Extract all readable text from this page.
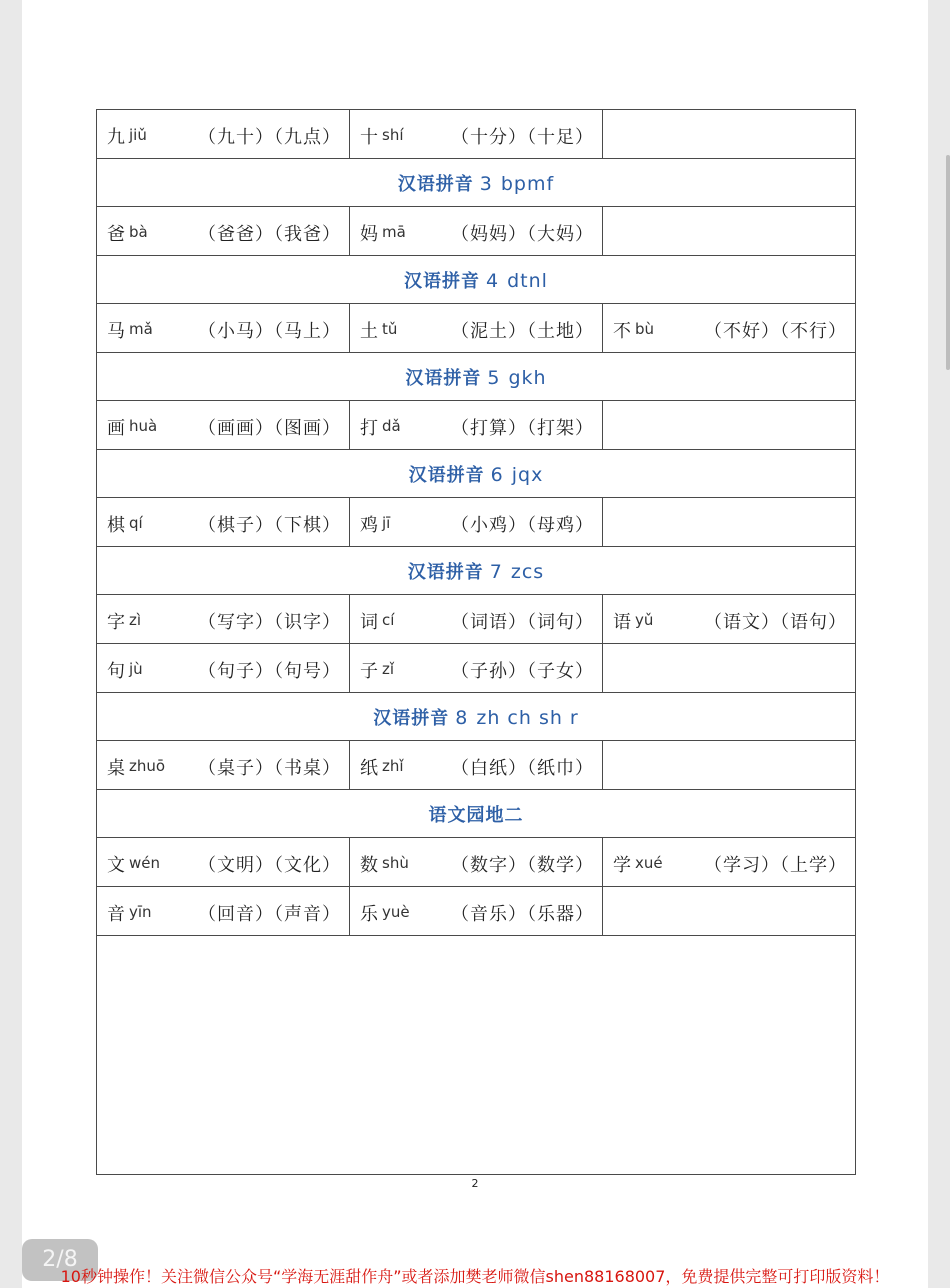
九 jiǔ （九十）（九点）	十 shí （十分）（十足）	

汉语拼音 3 bpmf		

爸 bà （爸爸）（我爸）	妈 mā （妈妈）（大妈）	

汉语拼音 4 dtnl		

马 mǎ （小马）（马上）	土 tǔ （泥土）（土地）	不 bù （不好）（不行）

汉语拼音 5 gkh		

画 huà （画画）（图画）	打 dǎ （打算）（打架）	

汉语拼音 6 jqx		

棋 qí （棋子）（下棋）	鸡 jī （小鸡）（母鸡）	

汉语拼音 7 zcs		

字 zì （写字）（识字）	词 cí （词语）（词句）	语 yǔ （语文）（语句）

句 jù （句子）（句号）	子 zǐ （子孙）（子女）	

汉语拼音 8 zh ch sh r		

桌 zhuō （桌子）（书桌）	纸 zhǐ （白纸）（纸巾）	

语文园地二		

文 wén （文明）（文化）	数 shù （数字）（数学）	学 xué （学习）（上学）

音 yīn （回音）（声音）	乐 yuè （音乐）（乐器）	

2
2/8
10秒钟操作！关注微信公众号“学海无涯甜作舟”或者添加樊老师微信shen88168007，免费提供完整可打印版资料！
